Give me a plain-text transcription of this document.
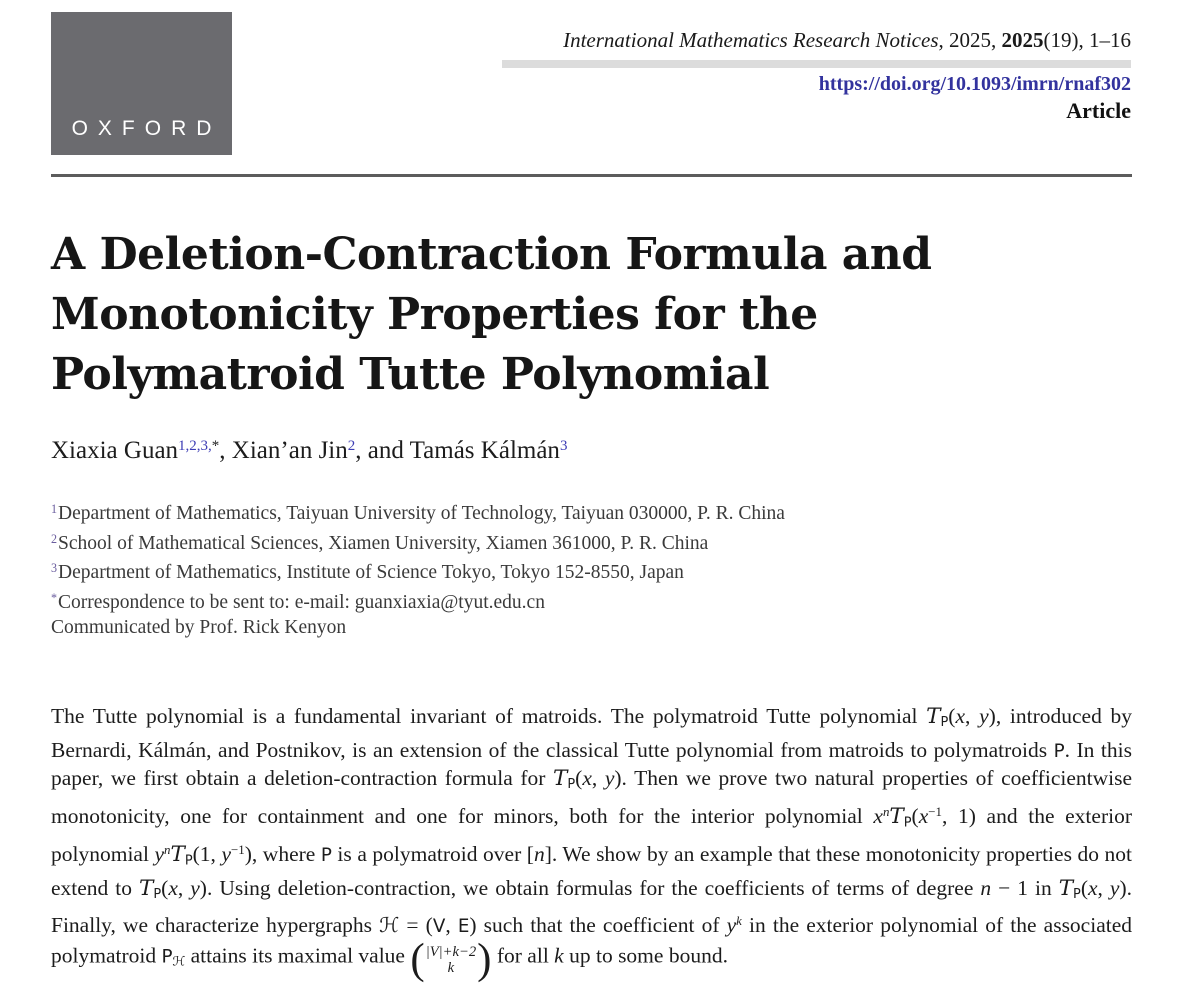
OXFORD
International Mathematics Research Notices, 2025, 2025(19), 1–16
https://doi.org/10.1093/imrn/rnaf302
Article
A Deletion-Contraction Formula and
Monotonicity Properties for the
Polymatroid Tutte Polynomial
Xiaxia Guan$^{1,2,3,*}$, Xian’an Jin$^2$, and Tamás Kálmán$^3$
$^1$Department of Mathematics, Taiyuan University of Technology, Taiyuan 030000, P. R. China
$^2$School of Mathematical Sciences, Xiamen University, Xiamen 361000, P. R. China
$^3$Department of Mathematics, Institute of Science Tokyo, Tokyo 152-8550, Japan
*Correspondence to be sent to: e-mail: guanxiaxia@tyut.edu.cn
Communicated by Prof. Rick Kenyon

The Tutte polynomial is a fundamental invariant of matroids. The polymatroid Tutte polynomial $T_P(x$, y), introduced by Bernardi, Kálmán, and Postnikov, is an extension of the classical Tutte polynomial from matroids to polymatroids P. In this paper, we first obtain a deletion-contraction formula for $T_P(x$, y). Then we prove two natural properties of coefficientwise monotonicity, one for containment and one for minors, both for the interior polynomial $x^nT_P(x^{-1}$, 1) and the exterior polynomial $y^nT_P(1$, $y^{-1}$), where P is a polymatroid over [n]. We show by an example that these monotonicity properties do not extend to $T_P(x$, y). Using deletion-contraction, we obtain formulas for the coefficients of terms of degree n − 1 in $T_P(x$, y). Finally, we characterize hypergraphs ℋ = (V, E) such that the coefficient of $y^k$ in the exterior polynomial of the associated polymatroid $P_ℋ$ attains its maximal value ( |V|+k−2
k ) for all k up to some bound.
